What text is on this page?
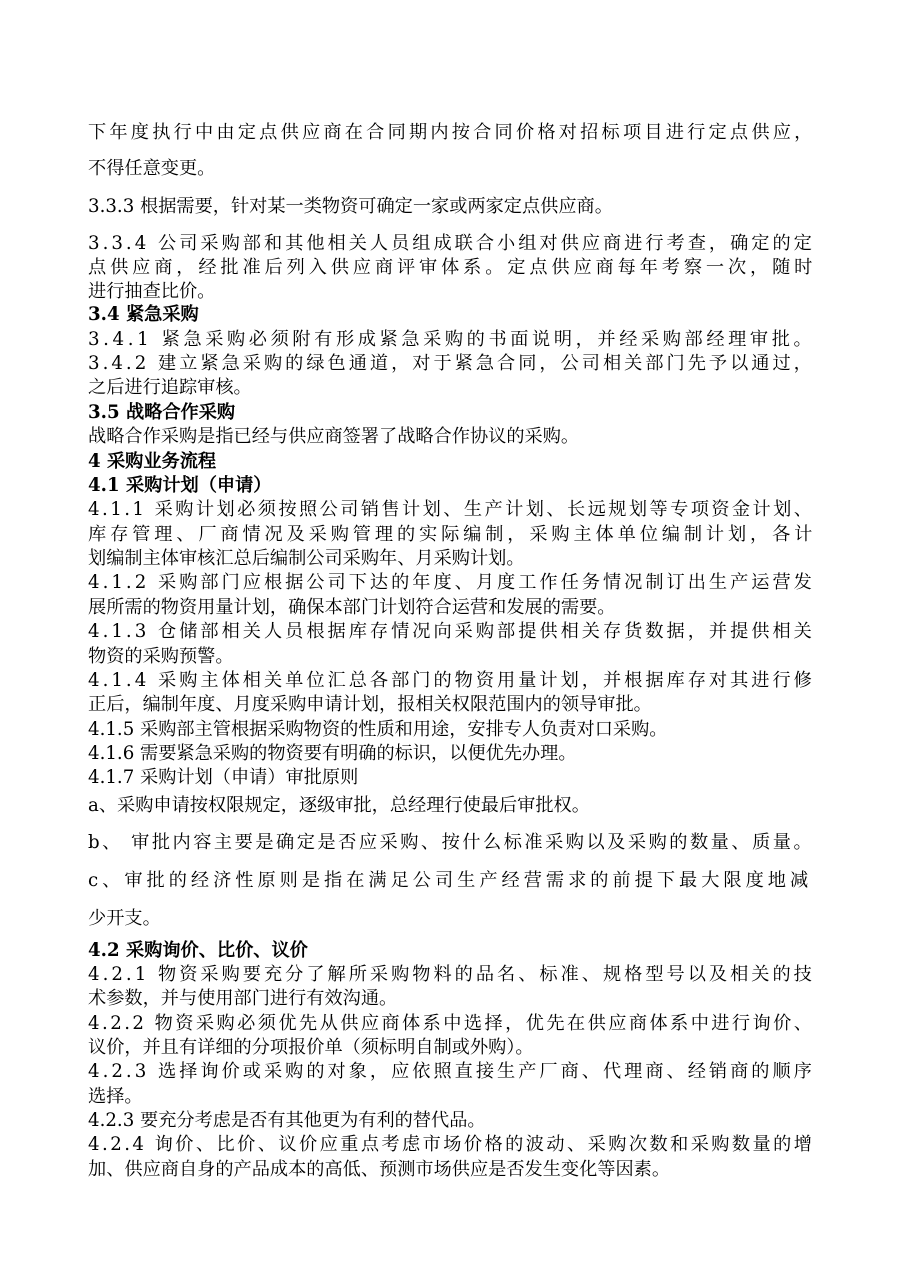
下年度执行中由定点供应商在合同期内按合同价格对招标项目进行定点供应，
不得任意变更。
3.3.3 根据需要，针对某一类物资可确定一家或两家定点供应商。
3.3.4 公司采购部和其他相关人员组成联合小组对供应商进行考查，确定的定
点供应商，经批准后列入供应商评审体系。定点供应商每年考察一次，随时
进行抽查比价。
3.4 紧急采购
3.4.1 紧急采购必须附有形成紧急采购的书面说明，并经采购部经理审批。
3.4.2 建立紧急采购的绿色通道，对于紧急合同，公司相关部门先予以通过，
之后进行追踪审核。
3.5 战略合作采购
战略合作采购是指已经与供应商签署了战略合作协议的采购。
4 采购业务流程
4.1 采购计划（申请）
4.1.1 采购计划必须按照公司销售计划、生产计划、长远规划等专项资金计划、
库存管理、厂商情况及采购管理的实际编制，采购主体单位编制计划，各计
划编制主体审核汇总后编制公司采购年、月采购计划。
4.1.2 采购部门应根据公司下达的年度、月度工作任务情况制订出生产运营发
展所需的物资用量计划，确保本部门计划符合运营和发展的需要。
4.1.3 仓储部相关人员根据库存情况向采购部提供相关存货数据，并提供相关
物资的采购预警。
4.1.4 采购主体相关单位汇总各部门的物资用量计划，并根据库存对其进行修
正后，编制年度、月度采购申请计划，报相关权限范围内的领导审批。
4.1.5 采购部主管根据采购物资的性质和用途，安排专人负责对口采购。
4.1.6 需要紧急采购的物资要有明确的标识，以便优先办理。
4.1.7 采购计划（申请）审批原则
a、采购申请按权限规定，逐级审批，总经理行使最后审批权。
b、 审批内容主要是确定是否应采购、按什么标准采购以及采购的数量、质量。
c、审批的经济性原则是指在满足公司生产经营需求的前提下最大限度地减
少开支。
4.2 采购询价、比价、议价
4.2.1 物资采购要充分了解所采购物料的品名、标准、规格型号以及相关的技
术参数，并与使用部门进行有效沟通。
4.2.2 物资采购必须优先从供应商体系中选择，优先在供应商体系中进行询价、
议价，并且有详细的分项报价单（须标明自制或外购）。
4.2.3 选择询价或采购的对象，应依照直接生产厂商、代理商、经销商的顺序
选择。
4.2.3 要充分考虑是否有其他更为有利的替代品。
4.2.4 询价、比价、议价应重点考虑市场价格的波动、采购次数和采购数量的增
加、供应商自身的产品成本的高低、预测市场供应是否发生变化等因素。
